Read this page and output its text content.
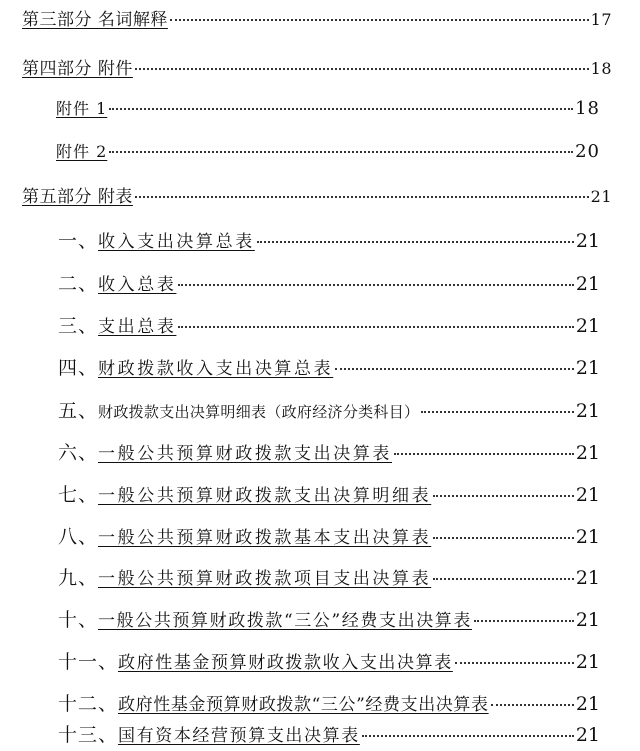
第三部分 名词解释	17
第四部分 附件	18
附件 1	18
附件 2	20
第五部分 附表	21
一、 收入支出决算总表	21
二、 收入总表	21
三、 支出总表	21
四、 财政拨款收入支出决算总表	21
五、 财政拨款支出决算明细表（政府经济分类科目）	21
六、 一般公共预算财政拨款支出决算表	21
七、 一般公共预算财政拨款支出决算明细表	21
八、 一般公共预算财政拨款基本支出决算表	21
九、 一般公共预算财政拨款项目支出决算表	21
十、 一般公共预算财政拨款“三公”经费支出决算表	21
十一、 政府性基金预算财政拨款收入支出决算表	21
十二、 政府性基金预算财政拨款“三公”经费支出决算表	21
十三、 国有资本经营预算支出决算表	21
